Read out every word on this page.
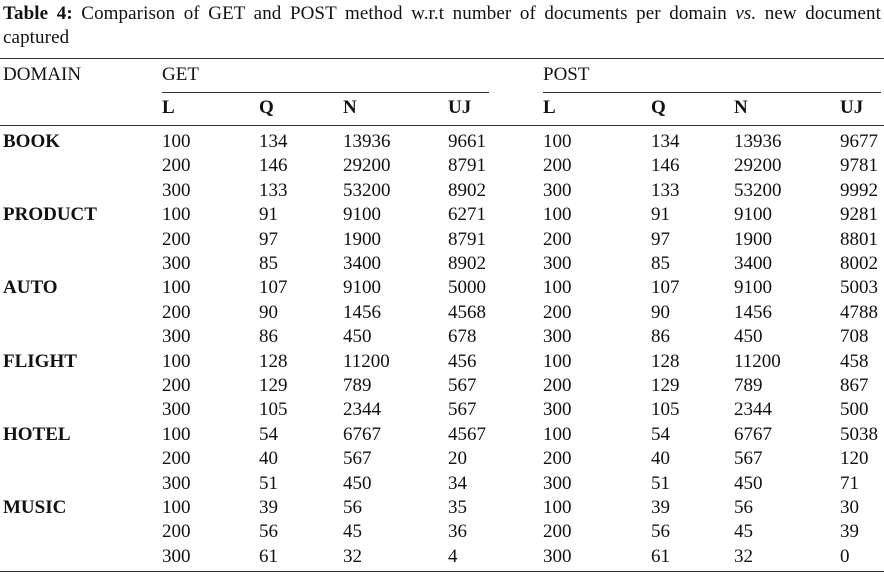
Table 4: Comparison of GET and POST method w.r.t number of documents per domain vs. new document captured
DOMAIN	GET	POST
L	Q	N	UJ	L	Q	N	UJ
BOOK	100	134	13936	9661	100	134	13936	9677
200	146	29200	8791	200	146	29200	9781
300	133	53200	8902	300	133	53200	9992
PRODUCT	100	91	9100	6271	100	91	9100	9281
200	97	1900	8791	200	97	1900	8801
300	85	3400	8902	300	85	3400	8002
AUTO	100	107	9100	5000	100	107	9100	5003
200	90	1456	4568	200	90	1456	4788
300	86	450	678	300	86	450	708
FLIGHT	100	128	11200	456	100	128	11200	458
200	129	789	567	200	129	789	867
300	105	2344	567	300	105	2344	500
HOTEL	100	54	6767	4567	100	54	6767	5038
200	40	567	20	200	40	567	120
300	51	450	34	300	51	450	71
MUSIC	100	39	56	35	100	39	56	30
200	56	45	36	200	56	45	39
300	61	32	4	300	61	32	0
